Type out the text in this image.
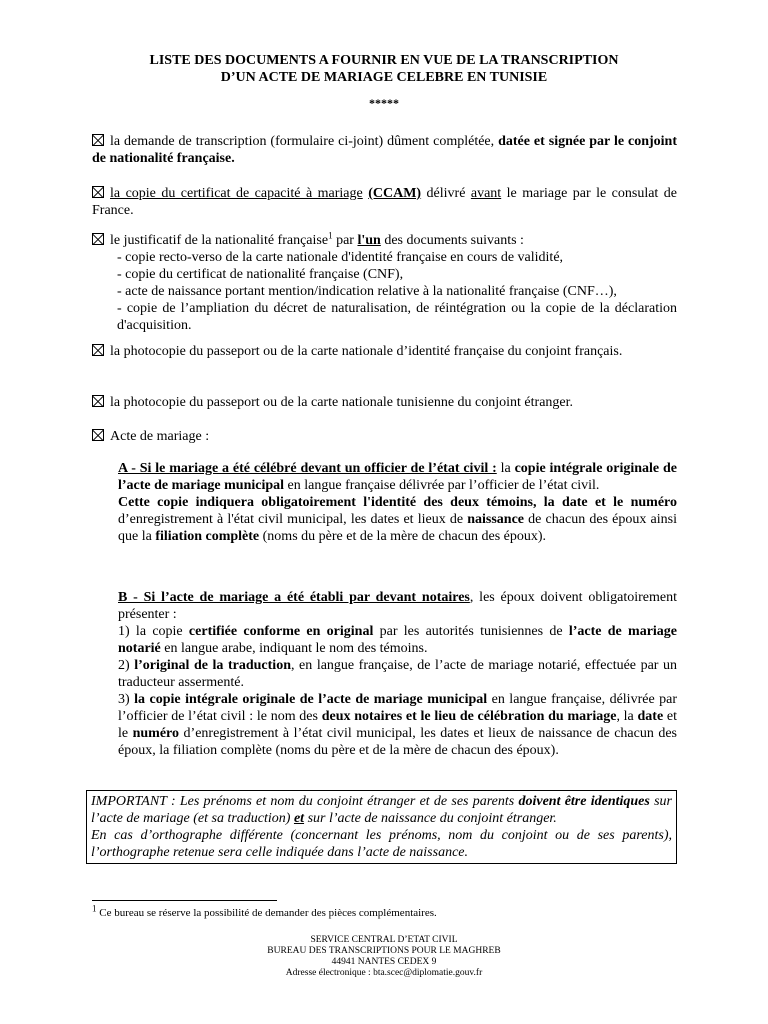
LISTE DES DOCUMENTS A FOURNIR EN VUE DE LA TRANSCRIPTION
D’UN ACTE DE MARIAGE CELEBRE EN TUNISIE
*****
la demande de transcription (formulaire ci-joint) dûment complétée, datée et signée par le conjoint de nationalité française.
la copie du certificat de capacité à mariage (CCAM) délivré avant le mariage par le consulat de France.
le justificatif de la nationalité française$^1$ par l'un des documents suivants :
- copie recto-verso de la carte nationale d'identité française en cours de validité,
- copie du certificat de nationalité française (CNF),
- acte de naissance portant mention/indication relative à la nationalité française (CNF…),
- copie de l’ampliation du décret de naturalisation, de réintégration ou la copie de la déclaration d'acquisition.
la photocopie du passeport ou de la carte nationale d’identité française du conjoint français.
la photocopie du passeport ou de la carte nationale tunisienne du conjoint étranger.
Acte de mariage :
A - Si le mariage a été célébré devant un officier de l’état civil : la copie intégrale originale de l’acte de mariage municipal en langue française délivrée par l’officier de l’état civil.
Cette copie indiquera obligatoirement l'identité des deux témoins, la date et le numéro d’enregistrement à l'état civil municipal, les dates et lieux de naissance de chacun des époux ainsi que la filiation complète (noms du père et de la mère de chacun des époux).
B - Si l’acte de mariage a été établi par devant notaires, les époux doivent obligatoirement présenter :
1) la copie certifiée conforme en original par les autorités tunisiennes de l’acte de mariage notarié en langue arabe, indiquant le nom des témoins.
2) l’original de la traduction, en langue française, de l’acte de mariage notarié, effectuée par un traducteur assermenté.
3) la copie intégrale originale de l’acte de mariage municipal en langue française, délivrée par l’officier de l’état civil : le nom des deux notaires et le lieu de célébration du mariage, la date et le numéro d’enregistrement à l’état civil municipal, les dates et lieux de naissance de chacun des époux, la filiation complète (noms du père et de la mère de chacun des époux).
IMPORTANT : Les prénoms et nom du conjoint étranger et de ses parents doivent être identiques sur l’acte de mariage (et sa traduction) et sur l’acte de naissance du conjoint étranger.
En cas d’orthographe différente (concernant les prénoms, nom du conjoint ou de ses parents), l’orthographe retenue sera celle indiquée dans l’acte de naissance.
$^1$ Ce bureau se réserve la possibilité de demander des pièces complémentaires.
SERVICE CENTRAL D’ETAT CIVIL
BUREAU DES TRANSCRIPTIONS POUR LE MAGHREB
44941 NANTES CEDEX 9
Adresse électronique : bta.scec@diplomatie.gouv.fr
